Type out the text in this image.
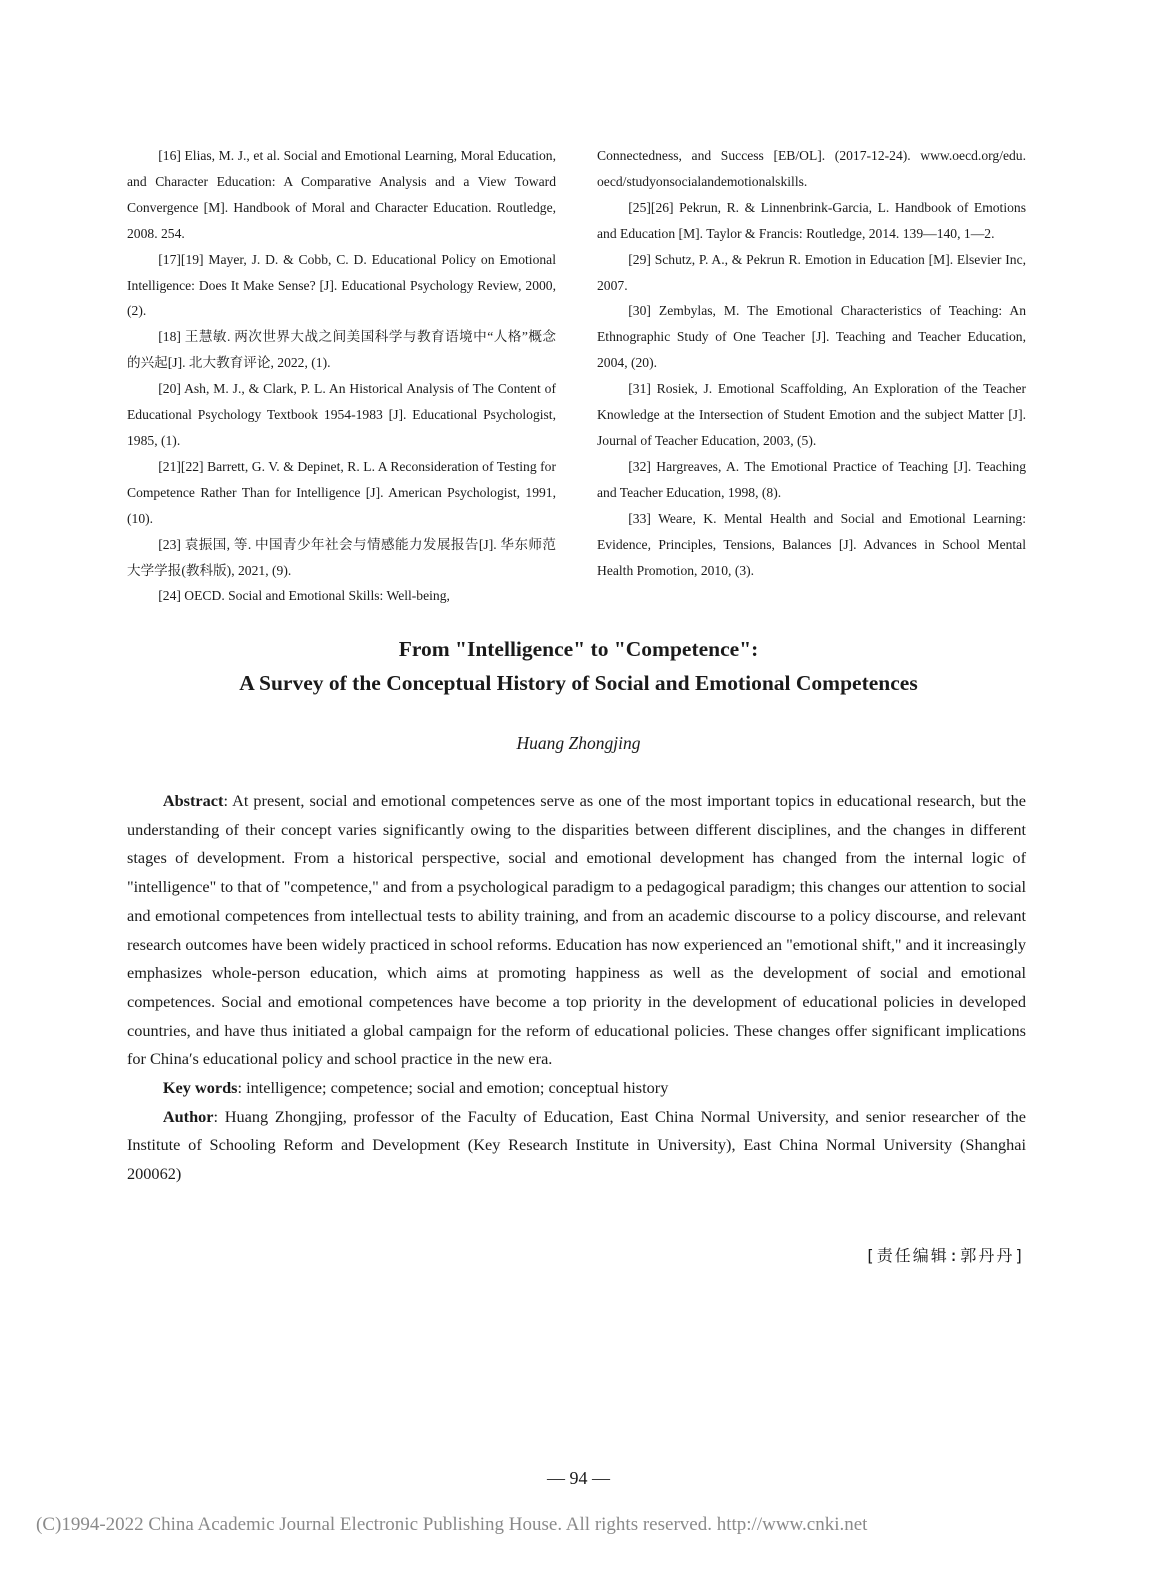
[16] Elias, M. J., et al. Social and Emotional Learning, Moral Education, and Character Education: A Comparative Analysis and a View Toward Convergence [M]. Handbook of Moral and Character Education. Routledge, 2008. 254.

[17][19] Mayer, J. D. & Cobb, C. D. Educational Policy on Emotional Intelligence: Does It Make Sense? [J]. Educational Psychology Review, 2000, (2).

[18] 王慧敏. 两次世界大战之间美国科学与教育语境中“人格”概念的兴起[J]. 北大教育评论, 2022, (1).

[20] Ash, M. J., & Clark, P. L. An Historical Analysis of The Content of Educational Psychology Textbook 1954-1983 [J]. Educational Psychologist, 1985, (1).

[21][22] Barrett, G. V. & Depinet, R. L. A Reconsideration of Testing for Competence Rather Than for Intelligence [J]. American Psychologist, 1991, (10).

[23] 袁振国, 等. 中国青少年社会与情感能力发展报告[J]. 华东师范大学学报(教科版), 2021, (9).

[24] OECD. Social and Emotional Skills: Well-being,

Connectedness, and Success [EB/OL]. (2017-12-24). www.oecd.org/edu. oecd/studyonsocialandemotionalskills.

[25][26] Pekrun, R. & Linnenbrink-Garcia, L. Handbook of Emotions and Education [M]. Taylor & Francis: Routledge, 2014. 139—140, 1—2.

[29] Schutz, P. A., & Pekrun R. Emotion in Education [M]. Elsevier Inc, 2007.

[30] Zembylas, M. The Emotional Characteristics of Teaching: An Ethnographic Study of One Teacher [J]. Teaching and Teacher Education, 2004, (20).

[31] Rosiek, J. Emotional Scaffolding, An Exploration of the Teacher Knowledge at the Intersection of Student Emotion and the subject Matter [J]. Journal of Teacher Education, 2003, (5).

[32] Hargreaves, A. The Emotional Practice of Teaching [J]. Teaching and Teacher Education, 1998, (8).

[33] Weare, K. Mental Health and Social and Emotional Learning: Evidence, Principles, Tensions, Balances [J]. Advances in School Mental Health Promotion, 2010, (3).

From "Intelligence" to "Competence":
A Survey of the Conceptual History of Social and Emotional Competences
Huang Zhongjing

Abstract: At present, social and emotional competences serve as one of the most important topics in educational research, but the understanding of their concept varies significantly owing to the disparities between different disciplines, and the changes in different stages of development. From a historical perspective, social and emotional development has changed from the internal logic of "intelligence" to that of "competence," and from a psychological paradigm to a pedagogical paradigm; this changes our attention to social and emotional competences from intellectual tests to ability training, and from an academic discourse to a policy discourse, and relevant research outcomes have been widely practiced in school reforms. Education has now experienced an "emotional shift," and it increasingly emphasizes whole-person education, which aims at promoting happiness as well as the development of social and emotional competences. Social and emotional competences have become a top priority in the development of educational policies in developed countries, and have thus initiated a global campaign for the reform of educational policies. These changes offer significant implications for China′s educational policy and school practice in the new era.

Key words: intelligence; competence; social and emotion; conceptual history

Author: Huang Zhongjing, professor of the Faculty of Education, East China Normal University, and senior researcher of the Institute of Schooling Reform and Development (Key Research Institute in University), East China Normal University (Shanghai 200062)

[责任编辑:郭丹丹]
— 94 —
(C)1994-2022 China Academic Journal Electronic Publishing House. All rights reserved. http://www.cnki.net
